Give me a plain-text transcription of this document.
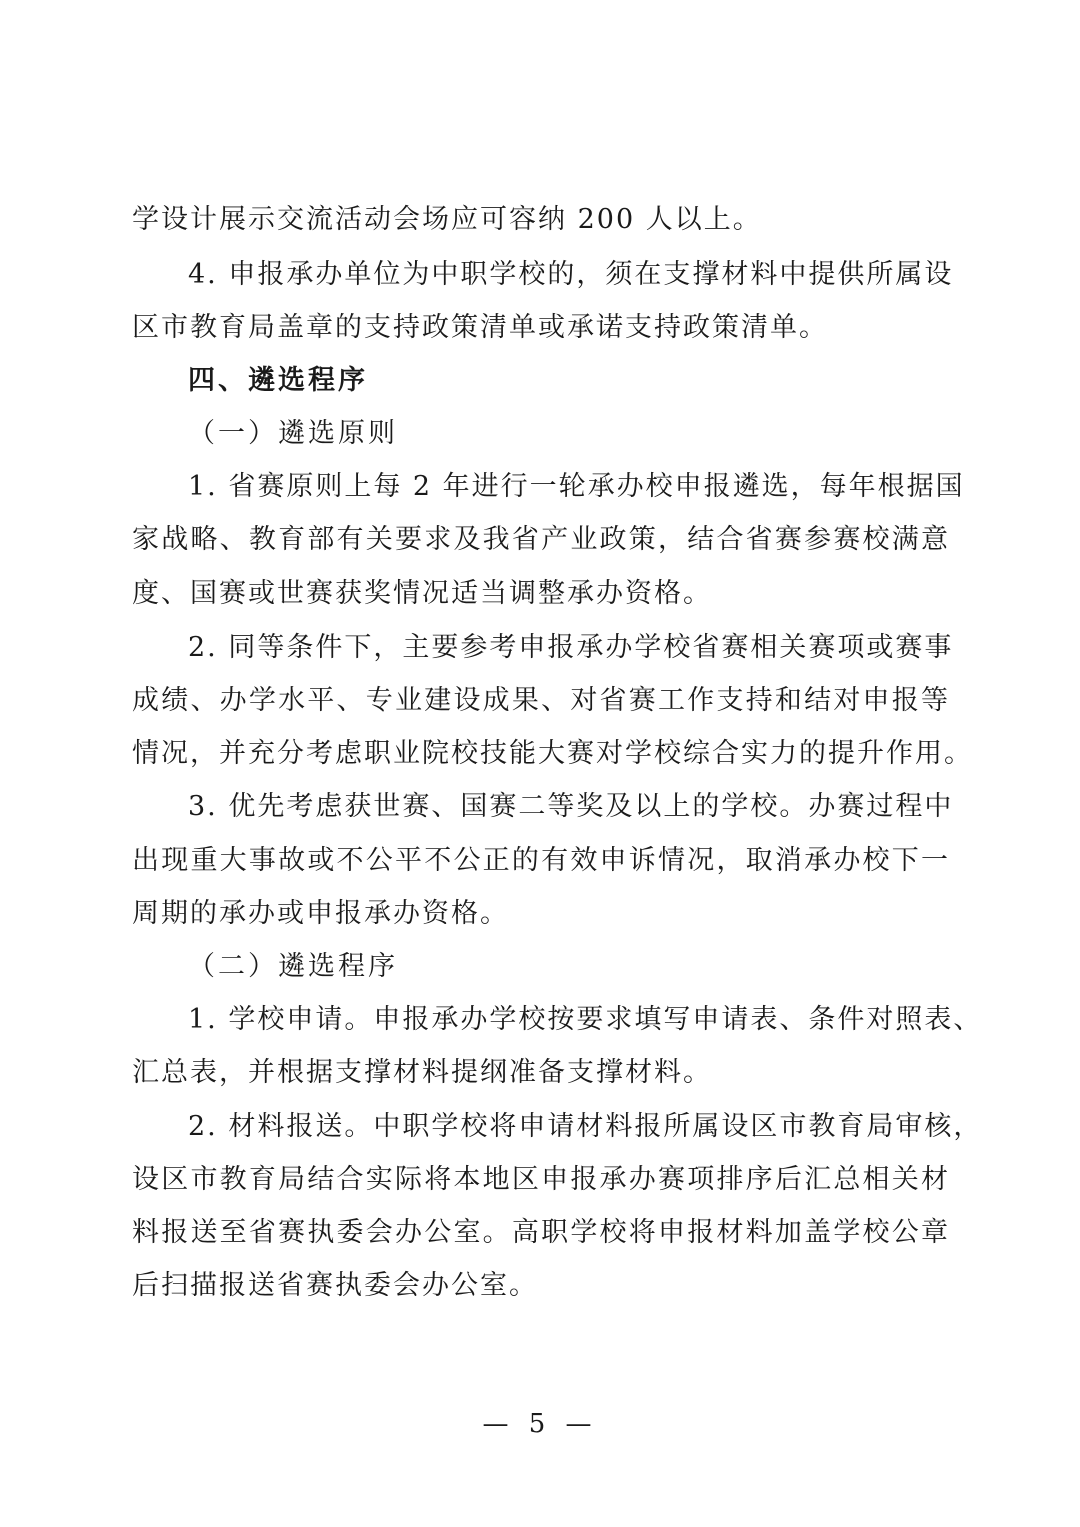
学设计展示交流活动会场应可容纳 200 人以上。
4. 申报承办单位为中职学校的，须在支撑材料中提供所属设
区市教育局盖章的支持政策清单或承诺支持政策清单。
四、遴选程序
（一）遴选原则
1. 省赛原则上每 2 年进行一轮承办校申报遴选，每年根据国
家战略、教育部有关要求及我省产业政策，结合省赛参赛校满意
度、国赛或世赛获奖情况适当调整承办资格。
2. 同等条件下，主要参考申报承办学校省赛相关赛项或赛事
成绩、办学水平、专业建设成果、对省赛工作支持和结对申报等
情况，并充分考虑职业院校技能大赛对学校综合实力的提升作用。
3. 优先考虑获世赛、国赛二等奖及以上的学校。办赛过程中
出现重大事故或不公平不公正的有效申诉情况，取消承办校下一
周期的承办或申报承办资格。
（二）遴选程序
1. 学校申请。申报承办学校按要求填写申请表、条件对照表、
汇总表，并根据支撑材料提纲准备支撑材料。
2. 材料报送。中职学校将申请材料报所属设区市教育局审核，
设区市教育局结合实际将本地区申报承办赛项排序后汇总相关材
料报送至省赛执委会办公室。高职学校将申报材料加盖学校公章
后扫描报送省赛执委会办公室。
— 5 —
